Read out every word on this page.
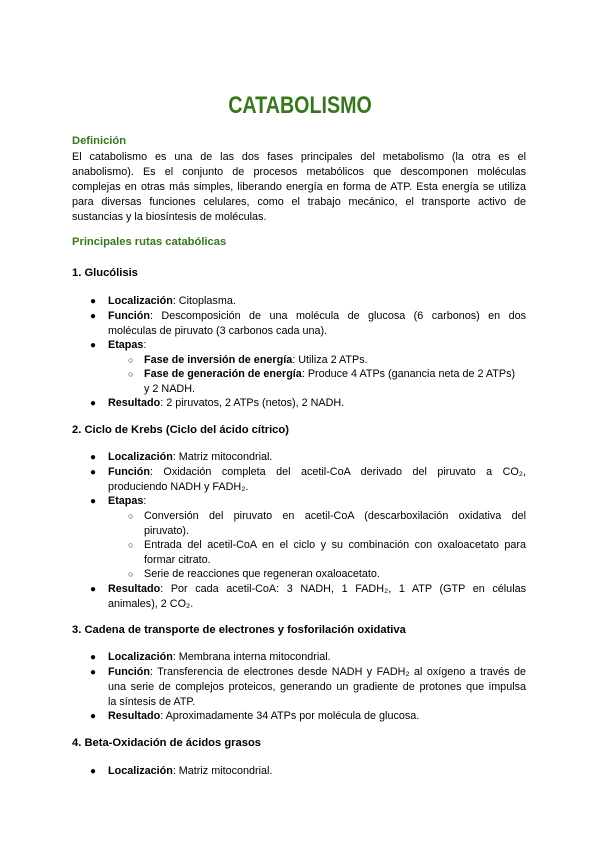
CATABOLISMO
Definición
El catabolismo es una de las dos fases principales del metabolismo (la otra es el
anabolismo). Es el conjunto de procesos metabólicos que descomponen moléculas
complejas en otras más simples, liberando energía en forma de ATP. Esta energía se utiliza
para diversas funciones celulares, como el trabajo mecánico, el transporte activo de
sustancias y la biosíntesis de moléculas.
Principales rutas catabólicas
1. Glucólisis
● Localización: Citoplasma.
● Función: Descomposición de una molécula de glucosa (6 carbonos) en dos
moléculas de piruvato (3 carbonos cada una).
● Etapas:
○ Fase de inversión de energía: Utiliza 2 ATPs.
○ Fase de generación de energía: Produce 4 ATPs (ganancia neta de 2 ATPs)
y 2 NADH.
● Resultado: 2 piruvatos, 2 ATPs (netos), 2 NADH.
2. Ciclo de Krebs (Ciclo del ácido cítrico)
● Localización: Matriz mitocondrial.
● Función: Oxidación completa del acetil-CoA derivado del piruvato a CO₂,
produciendo NADH y FADH₂.
● Etapas:
○ Conversión del piruvato en acetil-CoA (descarboxilación oxidativa del
piruvato).
○ Entrada del acetil-CoA en el ciclo y su combinación con oxaloacetato para
formar citrato.
○ Serie de reacciones que regeneran oxaloacetato.
● Resultado: Por cada acetil-CoA: 3 NADH, 1 FADH₂, 1 ATP (GTP en células
animales), 2 CO₂.
3. Cadena de transporte de electrones y fosforilación oxidativa
● Localización: Membrana interna mitocondrial.
● Función: Transferencia de electrones desde NADH y FADH₂ al oxígeno a través de
una serie de complejos proteicos, generando un gradiente de protones que impulsa
la síntesis de ATP.
● Resultado: Aproximadamente 34 ATPs por molécula de glucosa.
4. Beta-Oxidación de ácidos grasos
● Localización: Matriz mitocondrial.
